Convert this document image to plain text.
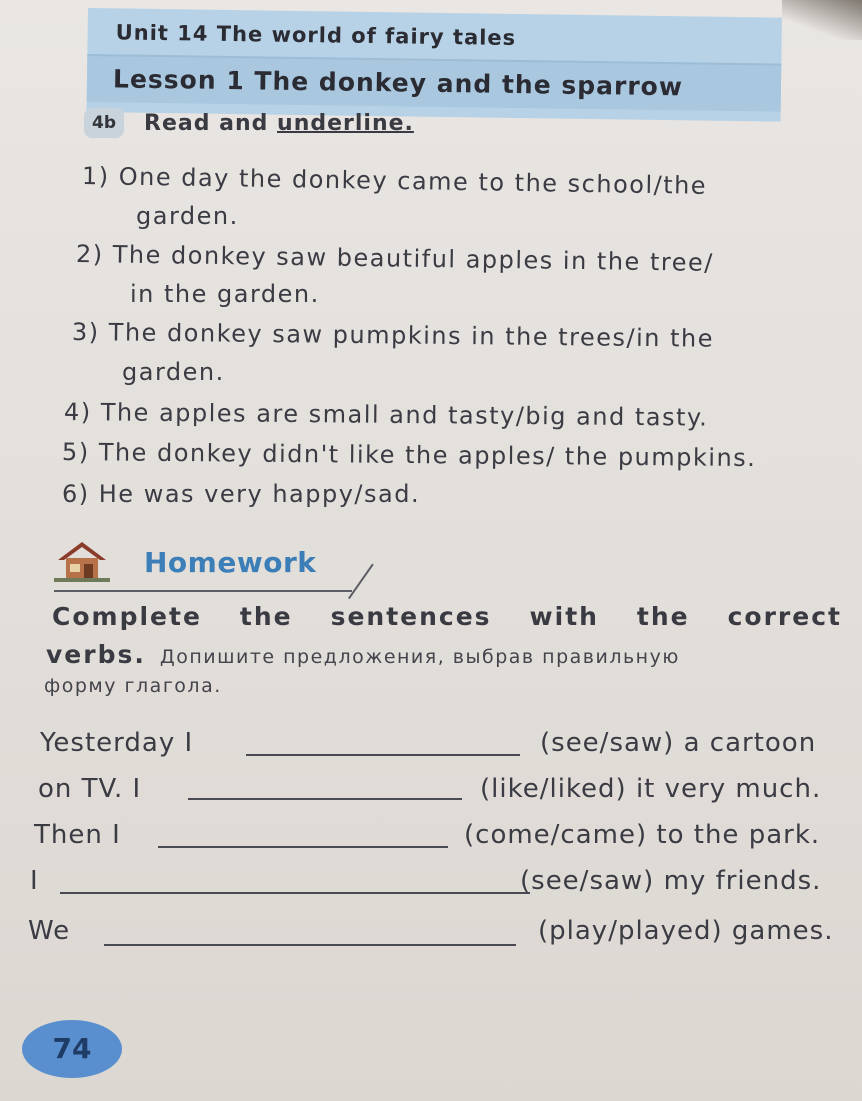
Unit 14 The world of fairy tales
Lesson 1 The donkey and the sparrow
4b	Read and underline.
1) One day the donkey came to the school/the
garden.
2) The donkey saw beautiful apples in the tree/
in the garden.
3) The donkey saw pumpkins in the trees/in the
garden.
4) The apples are small and tasty/big and tasty.
5) The donkey didn't like the apples/ the pumpkins.
6) He was very happy/sad.
Homework
Complete the sentences with the correct
verbs. Допишите предложения, выбрав правильную
форму глагола.
Yesterday I	(see/saw) a cartoon
on TV. I	(like/liked) it very much.
Then I	(come/came) to the park.
I	(see/saw) my friends.
We	(play/played) games.
74
